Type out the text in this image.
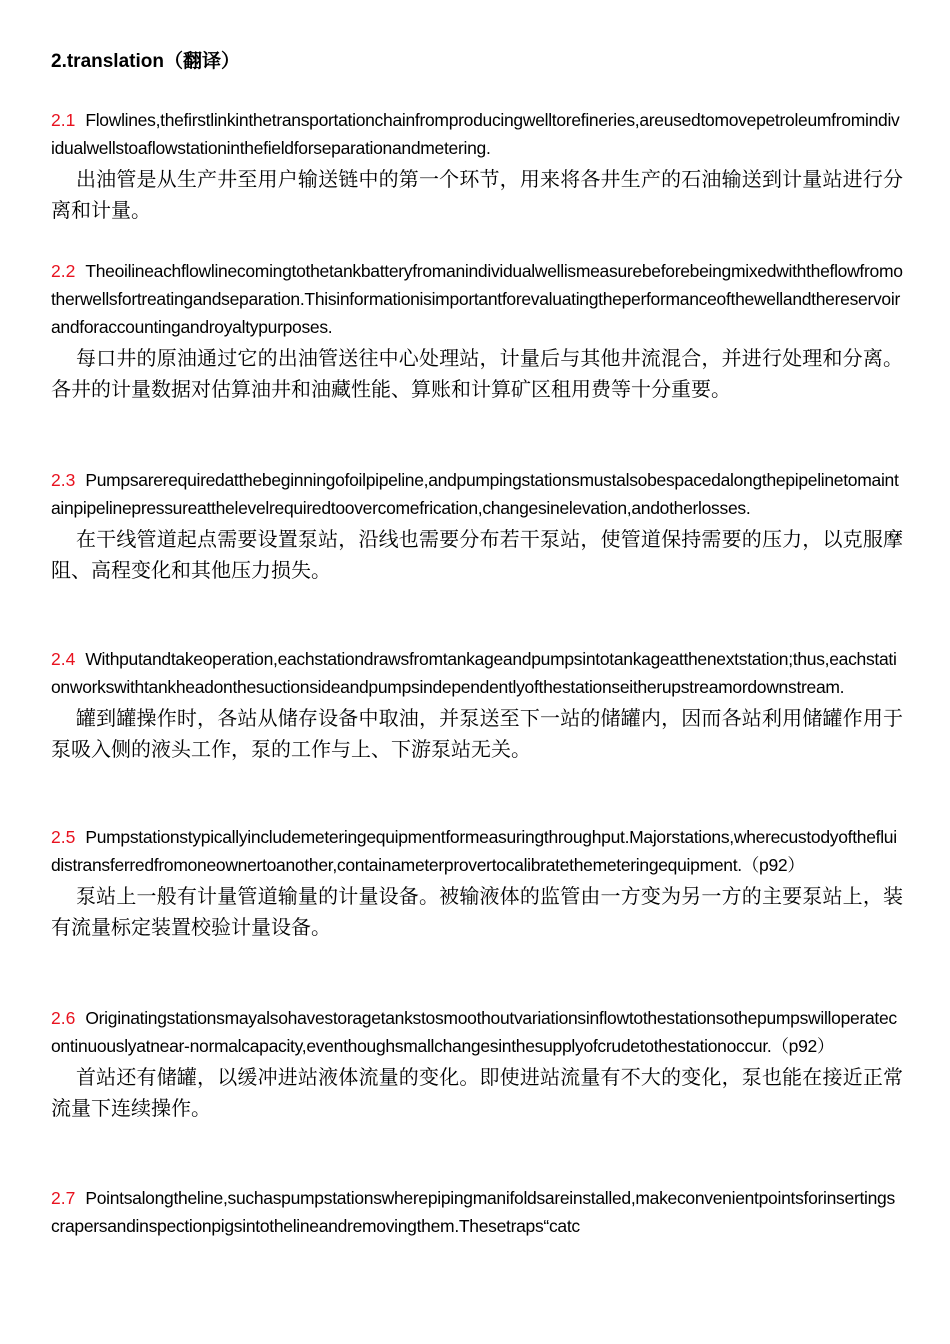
2.translation（翻译）
2.1 Flowlines,thefirstlinkinthetransportationchainfromproducingwelltorefineries,areusedtomovepetroleumfromindividualwellstoaflowstationinthefieldforseparationandmetering.
出油管是从生产井至用户输送链中的第一个环节，用来将各井生产的石油输送到计量站进行分离和计量。
2.2 Theoilineachflowlinecomingtothetankbatteryfromanindividualwellismeasurebeforebeingmixedwiththeflowfromotherwellsfortreatingandseparation.Thisinformationisimportantforevaluatingtheperformanceofthewellandthereservoirandforaccountingandroyaltypurposes.
每口井的原油通过它的出油管送往中心处理站，计量后与其他井流混合，并进行处理和分离。各井的计量数据对估算油井和油藏性能、算账和计算矿区租用费等十分重要。
2.3 Pumpsarerequiredatthebeginningofoilpipeline,andpumpingstationsmustalsobespacedalongthepipelinetomaintainpipelinepressureatthelevelrequiredtoovercomefrication,changesinelevation,andotherlosses.
在干线管道起点需要设置泵站，沿线也需要分布若干泵站，使管道保持需要的压力，以克服摩阻、高程变化和其他压力损失。
2.4 Withputandtakeoperation,eachstationdrawsfromtankageandpumpsintotankageatthenextstation;thus,eachstationworkswithtankheadonthesuctionsideandpumpsindependentlyofthestationseitherupstreamordownstream.
罐到罐操作时，各站从储存设备中取油，并泵送至下一站的储罐内，因而各站利用储罐作用于泵吸入侧的液头工作，泵的工作与上、下游泵站无关。
2.5 Pumpstationstypicallyincludemeteringequipmentformeasuringthroughput.Majorstations,wherecustodyofthefluidistransferredfromoneownertoanother,containameterprovertocalibratethemeteringequipment.（p92）
泵站上一般有计量管道输量的计量设备。被输液体的监管由一方变为另一方的主要泵站上，装有流量标定装置校验计量设备。
2.6 Originatingstationsmayalsohavestoragetankstosmoothoutvariationsinflowtothestationsothepumpswilloperatecontinuouslyatnear-normalcapacity,eventhoughsmallchangesinthesupplyofcrudetothestationoccur.（p92）
首站还有储罐，以缓冲进站液体流量的变化。即使进站流量有不大的变化，泵也能在接近正常流量下连续操作。
2.7 Pointsalongtheline,suchaspumpstationswherepipingmanifoldsareinstalled,makeconvenientpointsforinsertingscrapersandinspectionpigsintothelineandremovingthem.Thesetraps“catc
